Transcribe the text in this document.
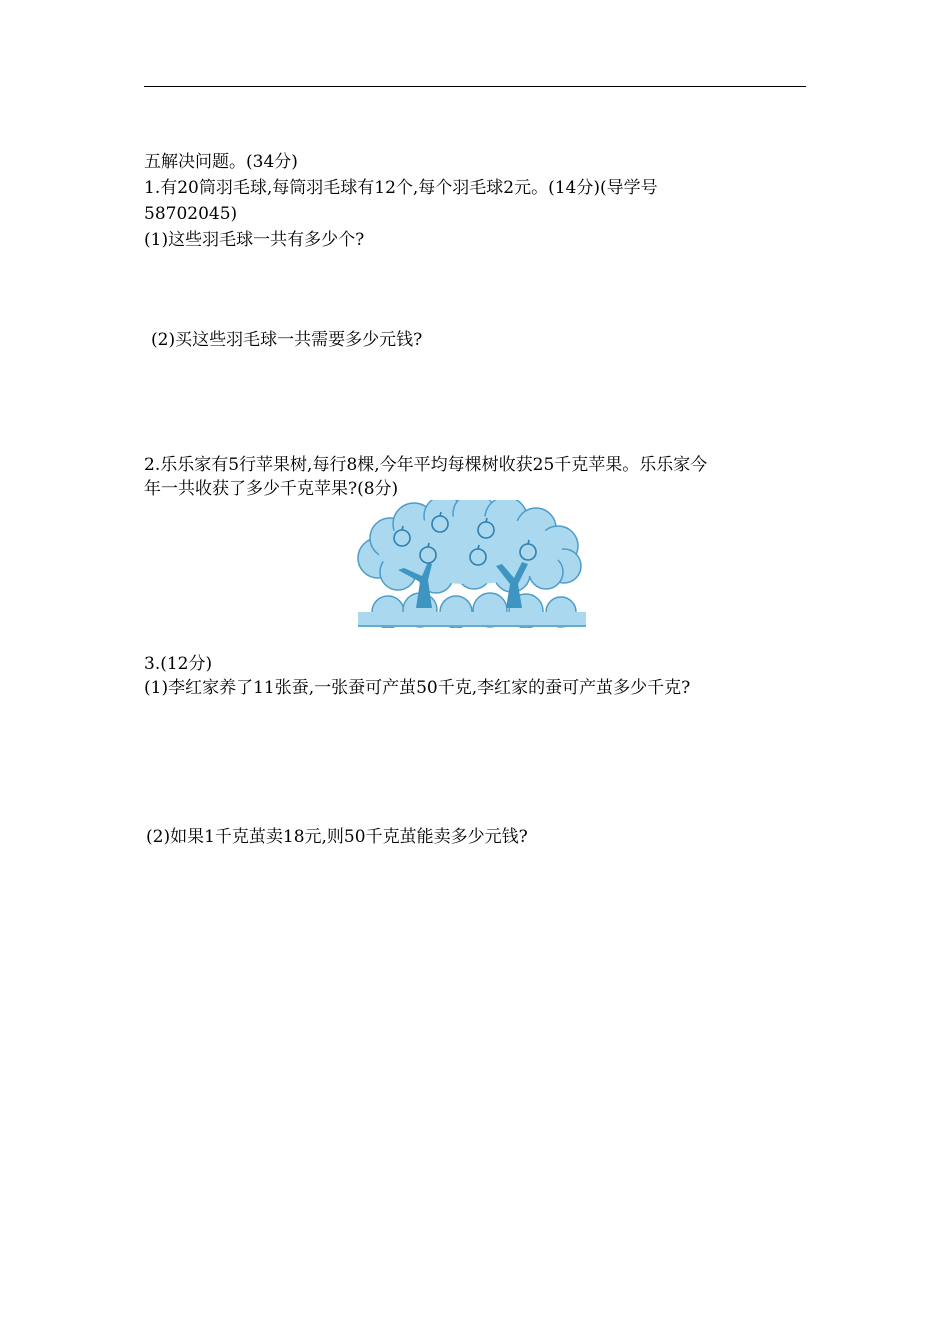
五解决问题。(34分)
1.有20筒羽毛球,每筒羽毛球有12个,每个羽毛球2元。(14分)(导学号
58702045)
(1)这些羽毛球一共有多少个?
(2)买这些羽毛球一共需要多少元钱?
2.乐乐家有5行苹果树,每行8棵,今年平均每棵树收获25千克苹果。乐乐家今
年一共收获了多少千克苹果?(8分)
3.(12分)
(1)李红家养了11张蚕,一张蚕可产茧50千克,李红家的蚕可产茧多少千克?
(2)如果1千克茧卖18元,则50千克茧能卖多少元钱?
